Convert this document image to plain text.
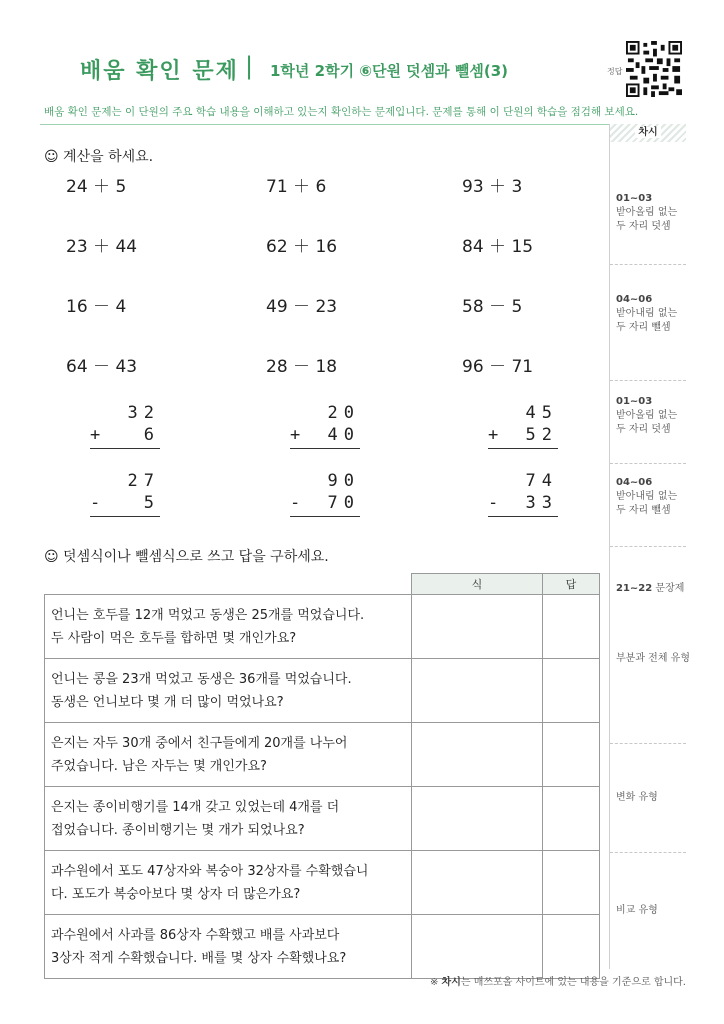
배움 확인 문제 | 1학년 2학기 ⑥단원 덧셈과 뺄셈(3)	정답
배움 확인 문제는 이 단원의 주요 학습 내용을 이해하고 있는지 확인하는 문제입니다. 문제를 통해 이 단원의 학습을 점검해 보세요.
차시
01~03
받아올림 없는
두 자리 덧셈
04~06
받아내림 없는
두 자리 뺄셈
01~03
받아올림 없는
두 자리 덧셈
04~06
받아내림 없는
두 자리 뺄셈
21~22 문장제
부분과 전체 유형
변화 유형
비교 유형
☺ 계산을 하세요.
24 ＋ 5	71 ＋ 6	93 ＋ 3
23 ＋ 44	62 ＋ 16	84 ＋ 15
16 － 4	49 － 23	58 － 5
64 － 43	28 － 18	96 － 71
32
+	6
20
+ 40
45
+ 52
27
-	5
90
- 70
74
- 33
☺ 덧셈식이나 뺄셈식으로 쓰고 답을 구하세요.
	식	답
언니는 호두를 12개 먹었고 동생은 25개를 먹었습니다.
두 사람이 먹은 호두를 합하면 몇 개인가요?		
언니는 콩을 23개 먹었고 동생은 36개를 먹었습니다.
동생은 언니보다 몇 개 더 많이 먹었나요?		
은지는 자두 30개 중에서 친구들에게 20개를 나누어
주었습니다. 남은 자두는 몇 개인가요?		
은지는 종이비행기를 14개 갖고 있었는데 4개를 더
접었습니다. 종이비행기는 몇 개가 되었나요?		
과수원에서 포도 47상자와 복숭아 32상자를 수확했습니
다. 포도가 복숭아보다 몇 상자 더 많은가요?		
과수원에서 사과를 86상자 수확했고 배를 사과보다
3상자 적게 수확했습니다. 배를 몇 상자 수확했나요?		
※ 차시는 매쓰포올 사이트에 있는 내용을 기준으로 합니다.
